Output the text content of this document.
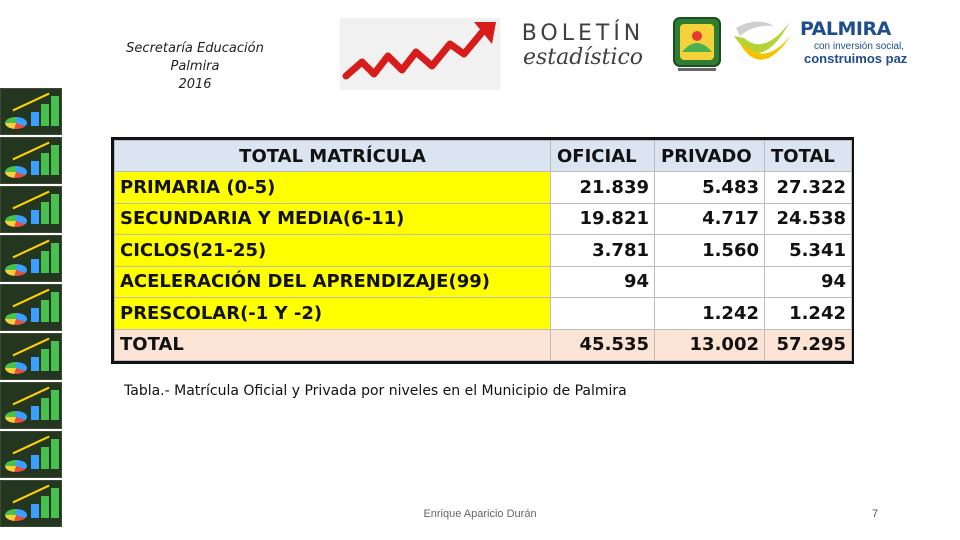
Secretaría Educación
Palmira
2016
BOLETÍN
estadístico
PALMIRA
con inversión social,
construimos paz
TOTAL MATRÍCULA	OFICIAL	PRIVADO	TOTAL
PRIMARIA (0-5)	21.839	5.483	27.322
SECUNDARIA Y MEDIA(6-11)	19.821	4.717	24.538
CICLOS(21-25)	3.781	1.560	5.341
ACELERACIÓN DEL APRENDIZAJE(99)	94		94
PRESCOLAR(-1 Y -2)		1.242	1.242
TOTAL	45.535	13.002	57.295
Tabla.- Matrícula Oficial y Privada por niveles en el Municipio de Palmira
Enrique Aparicio Durán	7
